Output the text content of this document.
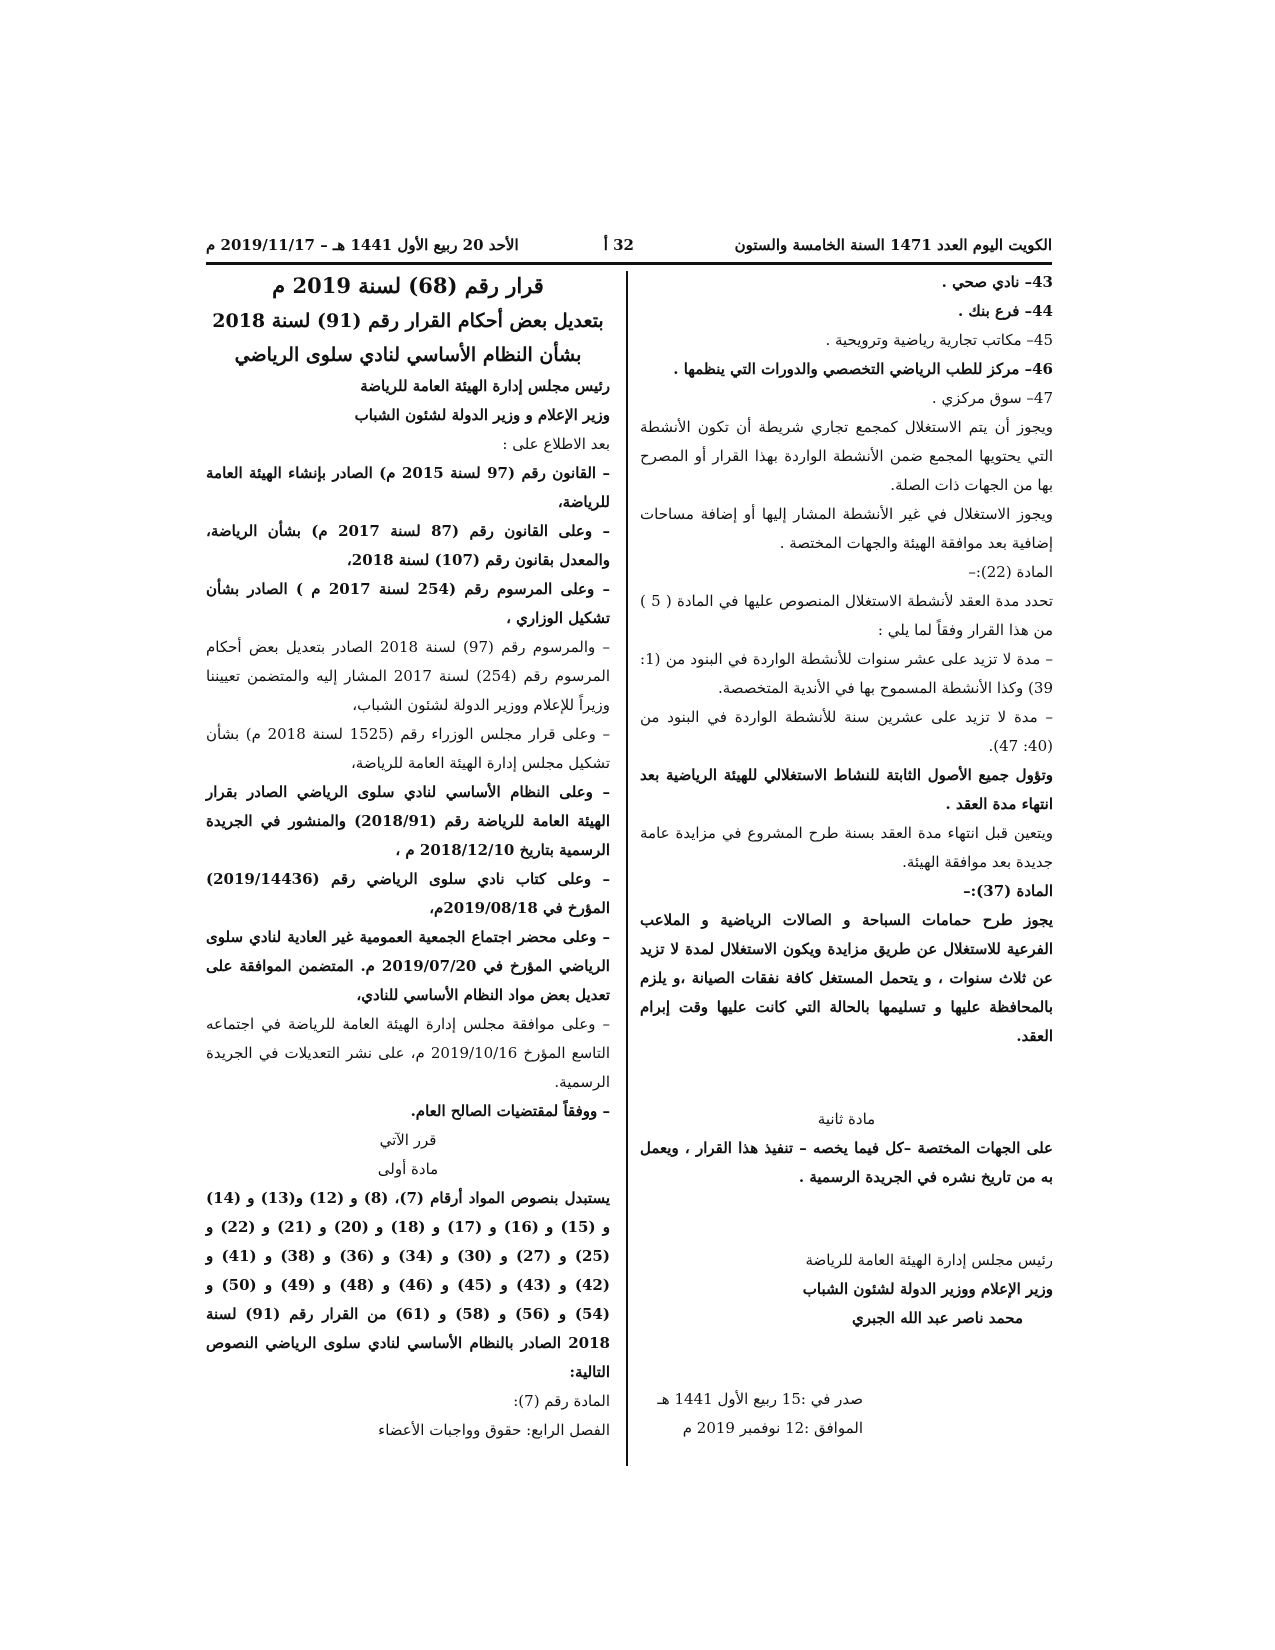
الكويت اليوم العدد 1471 السنة الخامسة والستون
32 أ
الأحد 20 ربيع الأول 1441 هـ – 2019/11/17 م

43– نادي صحي .

44– فرع بنك .

45– مكاتب تجارية رياضية وترويحية .

46– مركز للطب الرياضي التخصصي والدورات التي ينظمها .

47– سوق مركزي .

ويجوز أن يتم الاستغلال كمجمع تجاري شريطة أن تكون الأنشطة التي يحتويها المجمع ضمن الأنشطة الواردة بهذا القرار أو المصرح بها من الجهات ذات الصلة.

ويجوز الاستغلال في غير الأنشطة المشار إليها أو إضافة مساحات إضافية بعد موافقة الهيئة والجهات المختصة .

المادة (22):–

تحدد مدة العقد لأنشطة الاستغلال المنصوص عليها في المادة ( 5 ) من هذا القرار وفقاً لما يلي :

– مدة لا تزيد على عشر سنوات للأنشطة الواردة في البنود من (1: 39) وكذا الأنشطة المسموح بها في الأندية المتخصصة.

– مدة لا تزيد على عشرين سنة للأنشطة الواردة في البنود من (40: 47).

وتؤول جميع الأصول الثابتة للنشاط الاستغلالي للهيئة الرياضية بعد انتهاء مدة العقد .

ويتعين قبل انتهاء مدة العقد بسنة طرح المشروع في مزايدة عامة جديدة بعد موافقة الهيئة.

المادة (37):–

يجوز طرح حمامات السباحة و الصالات الرياضية و الملاعب الفرعية للاستغلال عن طريق مزايدة ويكون الاستغلال لمدة لا تزيد عن ثلاث سنوات ، و يتحمل المستغل كافة نفقات الصيانة ،و يلزم بالمحافظة عليها و تسليمها بالحالة التي كانت عليها وقت إبرام العقد.

مادة ثانية

على الجهات المختصة –كل فيما يخصه – تنفيذ هذا القرار ، ويعمل به من تاريخ نشره في الجريدة الرسمية .

رئيس مجلس إدارة الهيئة العامة للرياضة

وزير الإعلام ووزير الدولة لشئون الشباب

محمد ناصر عبد الله الجبري

صدر في :15 ربيع الأول 1441 هـ

الموافق :12 نوفمبر 2019 م

قرار رقم (68) لسنة 2019 م

بتعديل بعض أحكام القرار رقم (91) لسنة 2018

بشأن النظام الأساسي لنادي سلوى الرياضي

رئيس مجلس إدارة الهيئة العامة للرياضة

وزير الإعلام و وزير الدولة لشئون الشباب

بعد الاطلاع على :

– القانون رقم (97 لسنة 2015 م) الصادر بإنشاء الهيئة العامة للرياضة،

– وعلى القانون رقم (87 لسنة 2017 م) بشأن الرياضة، والمعدل بقانون رقم (107) لسنة 2018،

– وعلى المرسوم رقم (254 لسنة 2017 م ) الصادر بشأن تشكيل الوزاري ،

– والمرسوم رقم (97) لسنة 2018 الصادر بتعديل بعض أحكام المرسوم رقم (254) لسنة 2017 المشار إليه والمتضمن تعييننا وزيراً للإعلام ووزير الدولة لشئون الشباب،

– وعلى قرار مجلس الوزراء رقم (1525 لسنة 2018 م) بشأن تشكيل مجلس إدارة الهيئة العامة للرياضة،

– وعلى النظام الأساسي لنادي سلوى الرياضي الصادر بقرار الهيئة العامة للرياضة رقم (2018/91) والمنشور في الجريدة الرسمية بتاريخ 2018/12/10 م ،

– وعلى كتاب نادي سلوى الرياضي رقم (2019/14436) المؤرخ في 2019/08/18م،

– وعلى محضر اجتماع الجمعية العمومية غير العادية لنادي سلوى الرياضي المؤرخ في 2019/07/20 م. المتضمن الموافقة على تعديل بعض مواد النظام الأساسي للنادي،

– وعلى موافقة مجلس إدارة الهيئة العامة للرياضة في اجتماعه التاسع المؤرخ 2019/10/16 م، على نشر التعديلات في الجريدة الرسمية.

– ووفقاً لمقتضيات الصالح العام.

قرر الآتي

مادة أولى

يستبدل بنصوص المواد أرقام (7)، (8) و (12) و(13) و (14) و (15) و (16) و (17) و (18) و (20) و (21) و (22) و (25) و (27) و (30) و (34) و (36) و (38) و (41) و (42) و (43) و (45) و (46) و (48) و (49) و (50) و (54) و (56) و (58) و (61) من القرار رقم (91) لسنة 2018 الصادر بالنظام الأساسي لنادي سلوى الرياضي النصوص التالية:

المادة رقم (7):

الفصل الرابع: حقوق وواجبات الأعضاء
